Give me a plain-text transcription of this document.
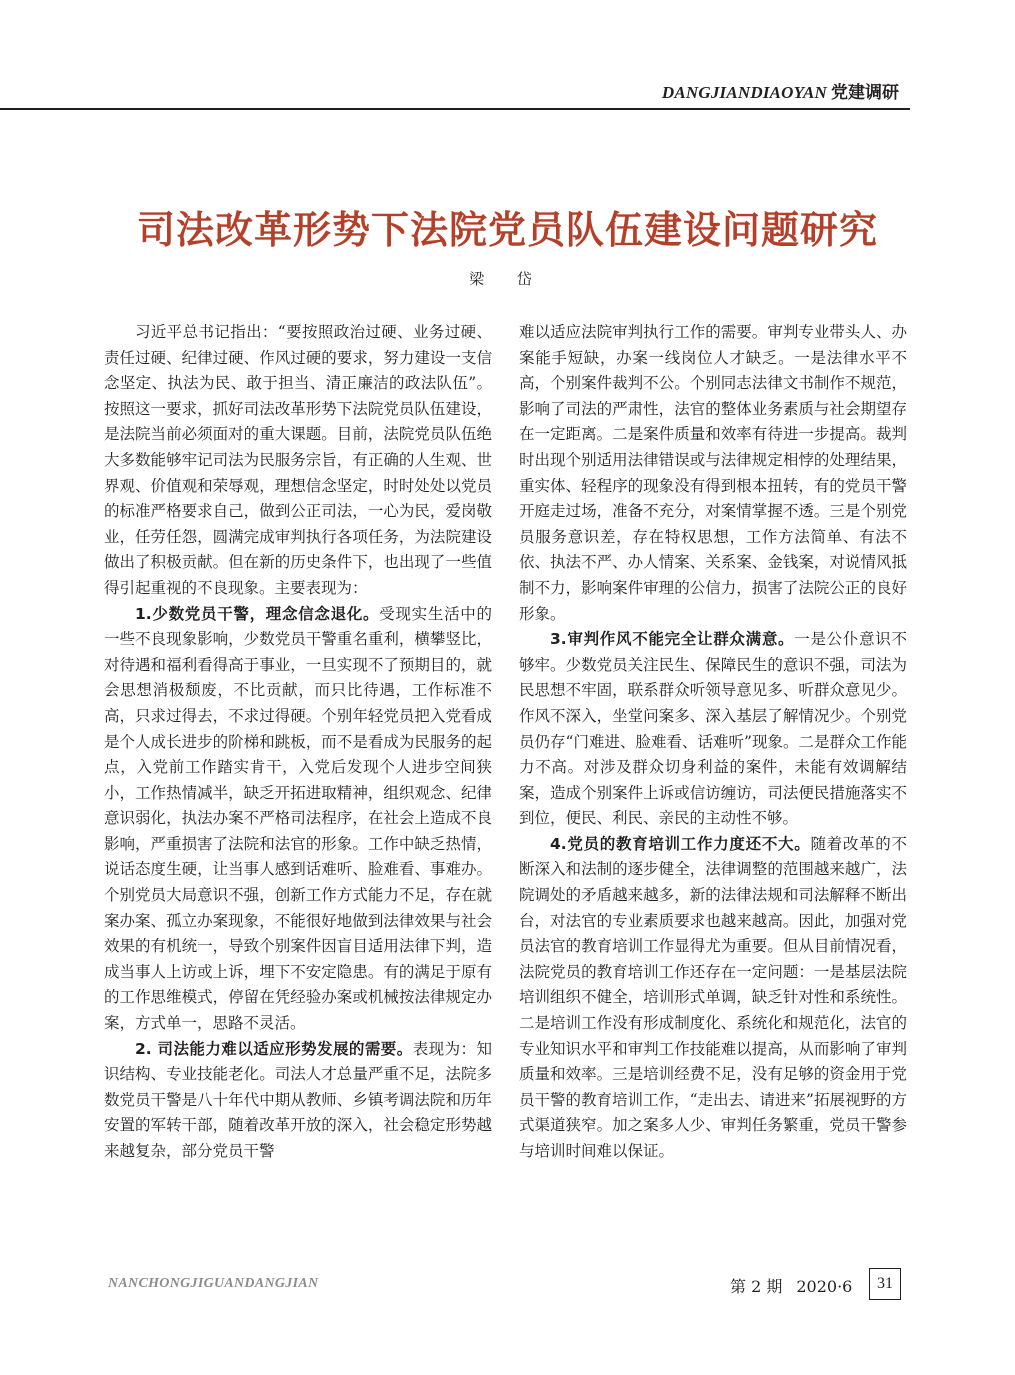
DANGJIANDIAOYAN 党建调研
司法改革形势下法院党员队伍建设问题研究
梁 岱

习近平总书记指出：“要按照政治过硬、业务过硬、责任过硬、纪律过硬、作风过硬的要求，努力建设一支信念坚定、执法为民、敢于担当、清正廉洁的政法队伍”。按照这一要求，抓好司法改革形势下法院党员队伍建设，是法院当前必须面对的重大课题。目前，法院党员队伍绝大多数能够牢记司法为民服务宗旨，有正确的人生观、世界观、价值观和荣辱观，理想信念坚定，时时处处以党员的标准严格要求自己，做到公正司法，一心为民，爱岗敬业，任劳任怨，圆满完成审判执行各项任务，为法院建设做出了积极贡献。但在新的历史条件下，也出现了一些值得引起重视的不良现象。主要表现为：

1.少数党员干警，理念信念退化。受现实生活中的一些不良现象影响，少数党员干警重名重利，横攀竖比，对待遇和福利看得高于事业，一旦实现不了预期目的，就会思想消极颓废，不比贡献，而只比待遇，工作标准不高，只求过得去，不求过得硬。个别年轻党员把入党看成是个人成长进步的阶梯和跳板，而不是看成为民服务的起点，入党前工作踏实肯干，入党后发现个人进步空间狭小，工作热情减半，缺乏开拓进取精神，组织观念、纪律意识弱化，执法办案不严格司法程序，在社会上造成不良影响，严重损害了法院和法官的形象。工作中缺乏热情，说话态度生硬，让当事人感到话难听、脸难看、事难办。个别党员大局意识不强，创新工作方式能力不足，存在就案办案、孤立办案现象，不能很好地做到法律效果与社会效果的有机统一，导致个别案件因盲目适用法律下判，造成当事人上访或上诉，埋下不安定隐患。有的满足于原有的工作思维模式，停留在凭经验办案或机械按法律规定办案，方式单一，思路不灵活。

2. 司法能力难以适应形势发展的需要。表现为：知识结构、专业技能老化。司法人才总量严重不足，法院多数党员干警是八十年代中期从教师、乡镇考调法院和历年安置的军转干部，随着改革开放的深入，社会稳定形势越来越复杂，部分党员干警

难以适应法院审判执行工作的需要。审判专业带头人、办案能手短缺，办案一线岗位人才缺乏。一是法律水平不高，个别案件裁判不公。个别同志法律文书制作不规范，影响了司法的严肃性，法官的整体业务素质与社会期望存在一定距离。二是案件质量和效率有待进一步提高。裁判时出现个别适用法律错误或与法律规定相悖的处理结果，重实体、轻程序的现象没有得到根本扭转，有的党员干警开庭走过场，准备不充分，对案情掌握不透。三是个别党员服务意识差，存在特权思想，工作方法简单、有法不依、执法不严、办人情案、关系案、金钱案，对说情风抵制不力，影响案件审理的公信力，损害了法院公正的良好形象。

3.审判作风不能完全让群众满意。一是公仆意识不够牢。少数党员关注民生、保障民生的意识不强，司法为民思想不牢固，联系群众听领导意见多、听群众意见少。作风不深入，坐堂问案多、深入基层了解情况少。个别党员仍存“门难进、脸难看、话难听”现象。二是群众工作能力不高。对涉及群众切身利益的案件，未能有效调解结案，造成个别案件上诉或信访缠访，司法便民措施落实不到位，便民、利民、亲民的主动性不够。

4.党员的教育培训工作力度还不大。随着改革的不断深入和法制的逐步健全，法律调整的范围越来越广，法院调处的矛盾越来越多，新的法律法规和司法解释不断出台，对法官的专业素质要求也越来越高。因此，加强对党员法官的教育培训工作显得尤为重要。但从目前情况看，法院党员的教育培训工作还存在一定问题：一是基层法院培训组织不健全，培训形式单调，缺乏针对性和系统性。二是培训工作没有形成制度化、系统化和规范化，法官的专业知识水平和审判工作技能难以提高，从而影响了审判质量和效率。三是培训经费不足，没有足够的资金用于党员干警的教育培训工作，“走出去、请进来”拓展视野的方式渠道狭窄。加之案多人少、审判任务繁重，党员干警参与培训时间难以保证。

NANCHONGJIGUANDANGJIAN	第 2 期 2020·6	31
